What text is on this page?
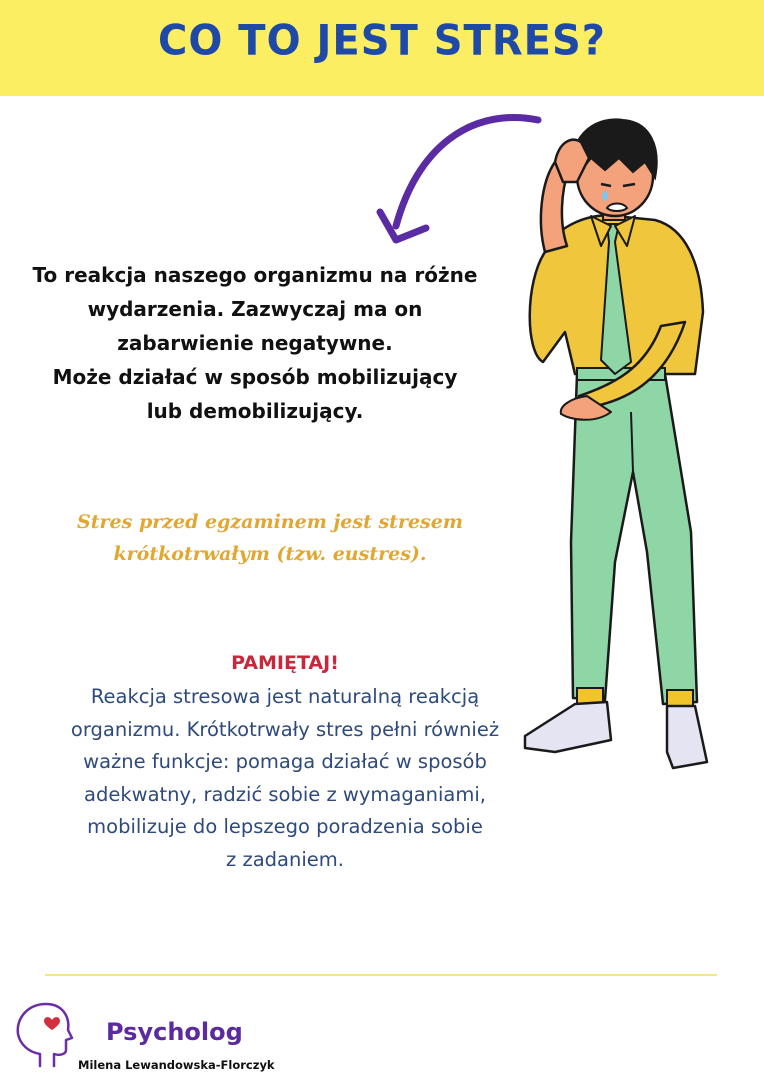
CO TO JEST STRES?
To reakcja naszego organizmu na różne
wydarzenia. Zazwyczaj ma on
zabarwienie negatywne.
Może działać w sposób mobilizujący
lub demobilizujący.
Stres przed egzaminem jest stresem
krótkotrwałym (tzw. eustres).
PAMIĘTAJ!
Reakcja stresowa jest naturalną reakcją
organizmu. Krótkotrwały stres pełni również
ważne funkcje: pomaga działać w sposób
adekwatny, radzić sobie z wymaganiami,
mobilizuje do lepszego poradzenia sobie
z zadaniem.
Psycholog
Milena Lewandowska-Florczyk
